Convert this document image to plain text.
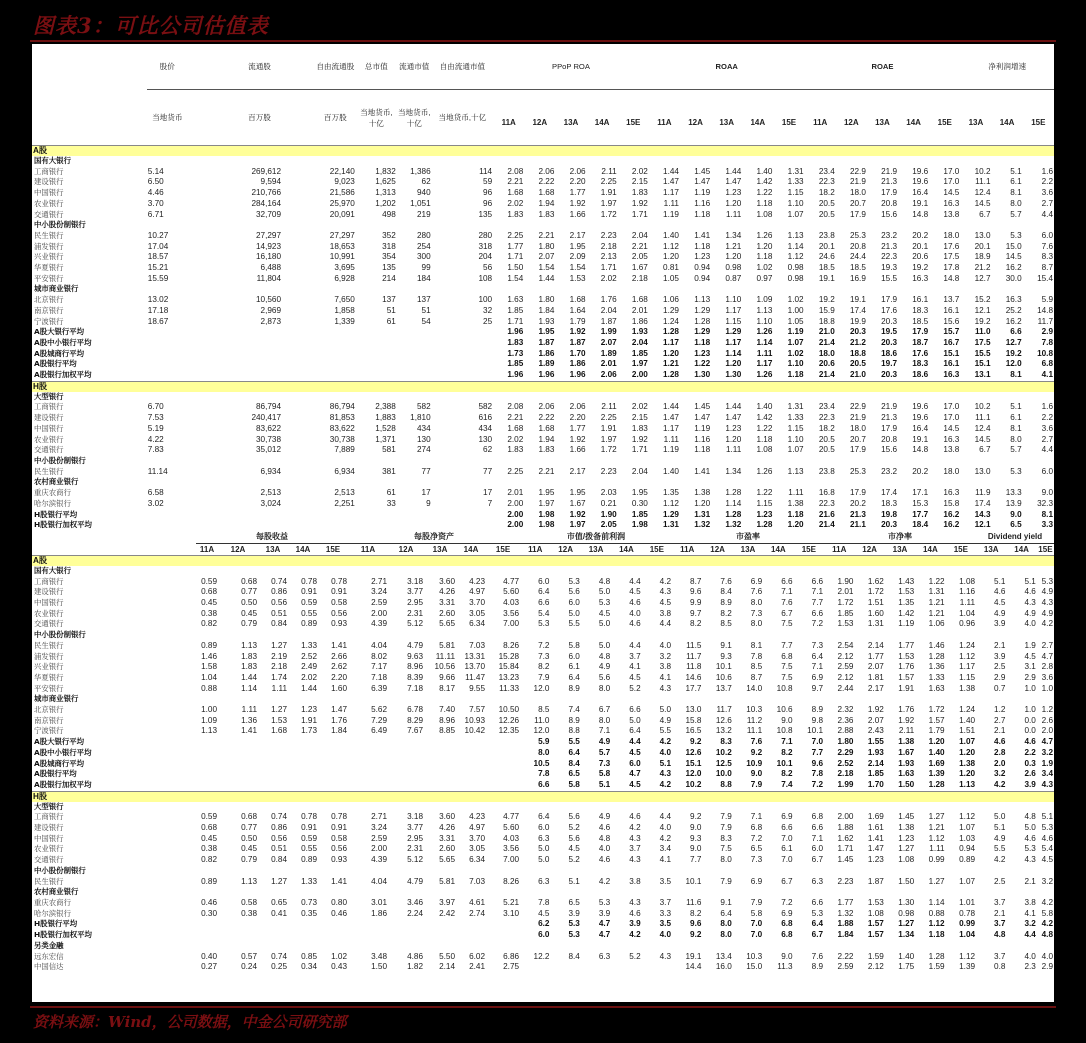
图表3：可比公司估值表
	股价		流通股		自由流通股	总市值	流通市值	自由流通市值	PPoP ROA					ROAA					ROAE					净利润增速		
	当地货币		百万股		百万股	当地货币,十亿	当地货币,十亿	当地货币,十亿	11A	12A	13A	14A	15E	11A	12A	13A	14A	15E	11A	12A	13A	14A	15E	13A	14A	15E
A股																										
国有大银行																										
工商银行	5.14		269,612		22,140	1,832	1,386	114	2.08	2.06	2.06	2.11	2.02	1.44	1.45	1.44	1.40	1.31	23.4	22.9	21.9	19.6	17.0	10.2	5.1	1.6
建设银行	6.50		9,594		9,023	1,625	62	59	2.21	2.22	2.20	2.25	2.15	1.47	1.47	1.47	1.42	1.33	22.3	21.9	21.3	19.6	17.0	11.1	6.1	2.2
中国银行	4.46		210,766		21,586	1,313	940	96	1.68	1.68	1.77	1.91	1.83	1.17	1.19	1.23	1.22	1.15	18.2	18.0	17.9	16.4	14.5	12.4	8.1	3.6
农业银行	3.70		284,164		25,970	1,202	1,051	96	2.02	1.94	1.92	1.97	1.92	1.11	1.16	1.20	1.18	1.10	20.5	20.7	20.8	19.1	16.3	14.5	8.0	2.7
交通银行	6.71		32,709		20,091	498	219	135	1.83	1.83	1.66	1.72	1.71	1.19	1.18	1.11	1.08	1.07	20.5	17.9	15.6	14.8	13.8	6.7	5.7	4.4
中小股份制银行																										
民生银行	10.27		27,297		27,297	352	280	280	2.25	2.21	2.17	2.23	2.04	1.40	1.41	1.34	1.26	1.13	23.8	25.3	23.2	20.2	18.0	13.0	5.3	6.0
浦发银行	17.04		14,923		18,653	318	254	318	1.77	1.80	1.95	2.18	2.21	1.12	1.18	1.21	1.20	1.14	20.1	20.8	21.3	20.1	17.6	20.1	15.0	7.6
兴业银行	18.57		16,180		10,991	354	300	204	1.71	2.07	2.09	2.13	2.05	1.20	1.23	1.20	1.18	1.12	24.6	24.4	22.3	20.6	17.5	18.9	14.5	8.3
华夏银行	15.21		6,488		3,695	135	99	56	1.50	1.54	1.54	1.71	1.67	0.81	0.94	0.98	1.02	0.98	18.5	18.5	19.3	19.2	17.8	21.2	16.2	8.7
平安银行	15.59		11,804		6,928	214	184	108	1.54	1.44	1.53	2.02	2.18	1.05	0.94	0.87	0.97	0.98	19.1	16.9	15.5	16.3	14.8	12.7	30.0	15.4
城市商业银行																										
北京银行	13.02		10,560		7,650	137	137	100	1.63	1.80	1.68	1.76	1.68	1.06	1.13	1.10	1.09	1.02	19.2	19.1	17.9	16.1	13.7	15.2	16.3	5.9
南京银行	17.18		2,969		1,858	51	51	32	1.85	1.84	1.64	2.04	2.01	1.29	1.29	1.17	1.13	1.00	15.9	17.4	17.6	18.3	16.1	12.1	25.2	14.8
宁波银行	18.67		2,873		1,339	61	54	25	1.71	1.93	1.79	1.87	1.86	1.24	1.28	1.15	1.10	1.05	18.8	19.9	20.3	18.5	15.6	19.2	16.2	11.7
A股大银行平均									1.96	1.95	1.92	1.99	1.93	1.28	1.29	1.29	1.26	1.19	21.0	20.3	19.5	17.9	15.7	11.0	6.6	2.9
A股中小银行平均									1.83	1.87	1.87	2.07	2.04	1.17	1.18	1.17	1.14	1.07	21.4	21.2	20.3	18.7	16.7	17.5	12.7	7.8
A股城商行平均									1.73	1.86	1.70	1.89	1.85	1.20	1.23	1.14	1.11	1.02	18.0	18.8	18.6	17.6	15.1	15.5	19.2	10.8
A股银行平均									1.85	1.89	1.86	2.01	1.97	1.21	1.22	1.20	1.17	1.10	20.6	20.5	19.7	18.3	16.1	15.1	12.0	6.8
A股银行加权平均									1.96	1.96	1.96	2.06	2.00	1.28	1.30	1.30	1.26	1.18	21.4	21.0	20.3	18.6	16.3	13.1	8.1	4.1
H股																										
大型银行																										
工商银行	6.70		86,794		86,794	2,388	582	582	2.08	2.06	2.06	2.11	2.02	1.44	1.45	1.44	1.40	1.31	23.4	22.9	21.9	19.6	17.0	10.2	5.1	1.6
建设银行	7.53		240,417		81,853	1,883	1,810	616	2.21	2.22	2.20	2.25	2.15	1.47	1.47	1.47	1.42	1.33	22.3	21.9	21.3	19.6	17.0	11.1	6.1	2.2
中国银行	5.19		83,622		83,622	1,528	434	434	1.68	1.68	1.77	1.91	1.83	1.17	1.19	1.23	1.22	1.15	18.2	18.0	17.9	16.4	14.5	12.4	8.1	3.6
农业银行	4.22		30,738		30,738	1,371	130	130	2.02	1.94	1.92	1.97	1.92	1.11	1.16	1.20	1.18	1.10	20.5	20.7	20.8	19.1	16.3	14.5	8.0	2.7
交通银行	7.83		35,012		7,889	581	274	62	1.83	1.83	1.66	1.72	1.71	1.19	1.18	1.11	1.08	1.07	20.5	17.9	15.6	14.8	13.8	6.7	5.7	4.4
中小股份制银行																										
民生银行	11.14		6,934		6,934	381	77	77	2.25	2.21	2.17	2.23	2.04	1.40	1.41	1.34	1.26	1.13	23.8	25.3	23.2	20.2	18.0	13.0	5.3	6.0
农村商业银行																										
重庆农商行	6.58		2,513		2,513	61	17	17	2.01	1.95	1.95	2.03	1.95	1.35	1.38	1.28	1.22	1.11	16.8	17.9	17.4	17.1	16.3	11.9	13.3	9.0
哈尔滨银行	3.02		3,024		2,251	33	9	7	2.00	1.97	1.67	0.21	0.30	1.12	1.20	1.14	1.15	1.38	22.3	20.2	18.3	15.3	15.8	17.4	13.9	32.3
H股银行平均									2.00	1.98	1.92	1.90	1.85	1.29	1.31	1.28	1.23	1.18	21.6	21.3	19.8	17.7	16.2	14.3	9.0	8.1
H股银行加权平均									2.00	1.98	1.97	2.05	1.98	1.31	1.32	1.32	1.28	1.20	21.4	21.1	20.3	18.4	16.2	12.1	6.5	3.3
	每股收益					每股净资产					市值/拨备前利润					市盈率					市净率					Dividend yield		
	11A	12A	13A	14A	15E	11A	12A	13A	14A	15E	11A	12A	13A	14A	15E	11A	12A	13A	14A	15E	11A	12A	13A	14A	15E	13A	14A	15E
A股																												
国有大银行																												
工商银行	0.59	0.68	0.74	0.78	0.78	2.71	3.18	3.60	4.23	4.77	6.0	5.3	4.8	4.4	4.2	8.7	7.6	6.9	6.6	6.6	1.90	1.62	1.43	1.22	1.08	5.1	5.1	5.3
建设银行	0.68	0.77	0.86	0.91	0.91	3.24	3.77	4.26	4.97	5.60	6.4	5.6	5.0	4.5	4.3	9.6	8.4	7.6	7.1	7.1	2.01	1.72	1.53	1.31	1.16	4.6	4.6	4.9
中国银行	0.45	0.50	0.56	0.59	0.58	2.59	2.95	3.31	3.70	4.03	6.6	6.0	5.3	4.6	4.5	9.9	8.9	8.0	7.6	7.7	1.72	1.51	1.35	1.21	1.11	4.5	4.3	4.3
农业银行	0.38	0.45	0.51	0.55	0.56	2.00	2.31	2.60	3.05	3.56	5.4	5.0	4.5	4.0	3.8	9.7	8.2	7.3	6.7	6.6	1.85	1.60	1.42	1.21	1.04	4.9	4.9	4.9
交通银行	0.82	0.79	0.84	0.89	0.93	4.39	5.12	5.65	6.34	7.00	5.3	5.5	5.0	4.6	4.4	8.2	8.5	8.0	7.5	7.2	1.53	1.31	1.19	1.06	0.96	3.9	4.0	4.2
中小股份制银行																												
民生银行	0.89	1.13	1.27	1.33	1.41	4.04	4.79	5.81	7.03	8.26	7.2	5.8	5.0	4.4	4.0	11.5	9.1	8.1	7.7	7.3	2.54	2.14	1.77	1.46	1.24	2.1	1.9	2.7
浦发银行	1.46	1.83	2.19	2.52	2.66	8.02	9.63	11.11	13.31	15.28	7.3	6.0	4.8	3.7	3.2	11.7	9.3	7.8	6.8	6.4	2.12	1.77	1.53	1.28	1.12	3.9	4.5	4.7
兴业银行	1.58	1.83	2.18	2.49	2.62	7.17	8.96	10.56	13.70	15.84	8.2	6.1	4.9	4.1	3.8	11.8	10.1	8.5	7.5	7.1	2.59	2.07	1.76	1.36	1.17	2.5	3.1	2.8
华夏银行	1.04	1.44	1.74	2.02	2.20	7.18	8.39	9.66	11.47	13.23	7.9	6.4	5.6	4.5	4.1	14.6	10.6	8.7	7.5	6.9	2.12	1.81	1.57	1.33	1.15	2.9	2.9	3.6
平安银行	0.88	1.14	1.11	1.44	1.60	6.39	7.18	8.17	9.55	11.33	12.0	8.9	8.0	5.2	4.3	17.7	13.7	14.0	10.8	9.7	2.44	2.17	1.91	1.63	1.38	0.7	1.0	1.0
城市商业银行																												
北京银行	1.00	1.11	1.27	1.23	1.47	5.62	6.78	7.40	7.57	10.50	8.5	7.4	6.7	6.6	5.0	13.0	11.7	10.3	10.6	8.9	2.32	1.92	1.76	1.72	1.24	1.2	1.0	1.2
南京银行	1.09	1.36	1.53	1.91	1.76	7.29	8.29	8.96	10.93	12.26	11.0	8.9	8.0	5.0	4.9	15.8	12.6	11.2	9.0	9.8	2.36	2.07	1.92	1.57	1.40	2.7	0.0	2.6
宁波银行	1.13	1.41	1.68	1.73	1.84	6.49	7.67	8.85	10.42	12.35	12.0	8.8	7.1	6.4	5.5	16.5	13.2	11.1	10.8	10.1	2.88	2.43	2.11	1.79	1.51	2.1	0.0	2.0
A股大银行平均											5.9	5.5	4.9	4.4	4.2	9.2	8.3	7.6	7.1	7.0	1.80	1.55	1.38	1.20	1.07	4.6	4.6	4.7
A股中小银行平均											8.0	6.4	5.7	4.5	4.0	12.6	10.2	9.2	8.2	7.7	2.29	1.93	1.67	1.40	1.20	2.8	2.2	3.2
A股城商行平均											10.5	8.4	7.3	6.0	5.1	15.1	12.5	10.9	10.1	9.6	2.52	2.14	1.93	1.69	1.38	2.0	0.3	1.9
A股银行平均											7.8	6.5	5.8	4.7	4.3	12.0	10.0	9.0	8.2	7.8	2.18	1.85	1.63	1.39	1.20	3.2	2.6	3.4
A股银行加权平均											6.6	5.8	5.1	4.5	4.2	10.2	8.8	7.9	7.4	7.2	1.99	1.70	1.50	1.28	1.13	4.2	3.9	4.3
H股																												
大型银行																												
工商银行	0.59	0.68	0.74	0.78	0.78	2.71	3.18	3.60	4.23	4.77	6.4	5.6	4.9	4.6	4.4	9.2	7.9	7.1	6.9	6.8	2.00	1.69	1.45	1.27	1.12	5.0	4.8	5.1
建设银行	0.68	0.77	0.86	0.91	0.91	3.24	3.77	4.26	4.97	5.60	6.0	5.2	4.6	4.2	4.0	9.0	7.9	6.8	6.6	6.6	1.88	1.61	1.38	1.21	1.07	5.1	5.0	5.3
中国银行	0.45	0.50	0.56	0.59	0.58	2.59	2.95	3.31	3.70	4.03	6.3	5.6	4.8	4.3	4.2	9.3	8.3	7.2	7.0	7.1	1.62	1.41	1.23	1.12	1.03	4.9	4.6	4.6
农业银行	0.38	0.45	0.51	0.55	0.56	2.00	2.31	2.60	3.05	3.56	5.0	4.5	4.0	3.7	3.4	9.0	7.5	6.5	6.1	6.0	1.71	1.47	1.27	1.11	0.94	5.5	5.3	5.4
交通银行	0.82	0.79	0.84	0.89	0.93	4.39	5.12	5.65	6.34	7.00	5.0	5.2	4.6	4.3	4.1	7.7	8.0	7.3	7.0	6.7	1.45	1.23	1.08	0.99	0.89	4.2	4.3	4.5
中小股份制银行																												
民生银行	0.89	1.13	1.27	1.33	1.41	4.04	4.79	5.81	7.03	8.26	6.3	5.1	4.2	3.8	3.5	10.1	7.9	6.9	6.7	6.3	2.23	1.87	1.50	1.27	1.07	2.5	2.1	3.2
农村商业银行																												
重庆农商行	0.46	0.58	0.65	0.73	0.80	3.01	3.46	3.97	4.61	5.21	7.8	6.5	5.3	4.3	3.7	11.6	9.1	7.9	7.2	6.6	1.77	1.53	1.30	1.14	1.01	3.7	3.8	4.2
哈尔滨银行	0.30	0.38	0.41	0.35	0.46	1.86	2.24	2.42	2.74	3.10	4.5	3.9	3.9	4.6	3.3	8.2	6.4	5.8	6.9	5.3	1.32	1.08	0.98	0.88	0.78	2.1	4.1	5.8
H股银行平均											6.2	5.3	4.7	3.9	3.5	9.6	8.0	7.0	6.8	6.4	1.88	1.57	1.27	1.12	0.99	3.7	3.2	4.2
H股银行加权平均											6.0	5.3	4.7	4.2	4.0	9.2	8.0	7.0	6.8	6.7	1.84	1.57	1.34	1.18	1.04	4.8	4.4	4.8
另类金融																												
远东宏信	0.40	0.57	0.74	0.85	1.02	3.48	4.86	5.50	6.02	6.86	12.2	8.4	6.3	5.2	4.3	19.1	13.4	10.3	9.0	7.6	2.22	1.59	1.40	1.28	1.12	3.7	4.0	4.0
中国信达	0.27	0.24	0.25	0.34	0.43	1.50	1.82	2.14	2.41	2.75						14.4	16.0	15.0	11.3	8.9	2.59	2.12	1.75	1.59	1.39	0.8	2.3	2.9
资料来源：Wind，公司数据，中金公司研究部
